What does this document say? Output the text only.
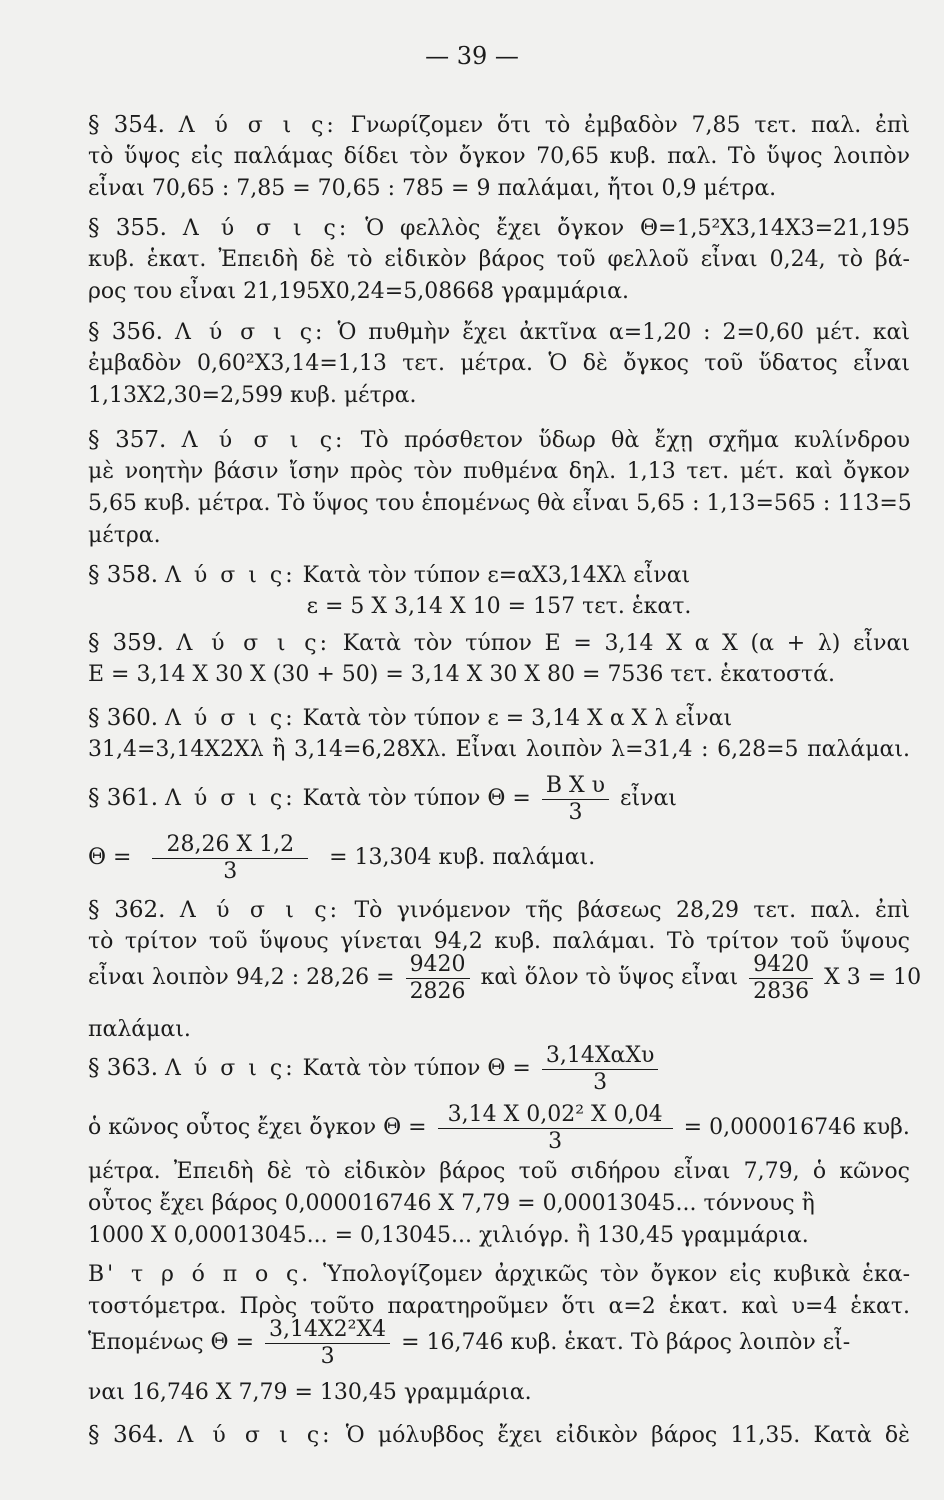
— 39 —
§ 354. Λ ύ σ ι ς: Γνωρίζομεν ὅτι τὸ ἐμβαδὸν 7,85 τετ. παλ. ἐπὶ
τὸ ὕψος εἰς παλάμας δίδει τὸν ὄγκον 70,65 κυβ. παλ. Τὸ ὕψος λοιπὸν
εἶναι 70,65 : 7,85 = 70,65 : 785 = 9 παλάμαι, ἤτοι 0,9 μέτρα.
§ 355. Λ ύ σ ι ς: Ὁ φελλὸς ἔχει ὄγκον Θ=1,5²X3,14X3=21,195
κυβ. ἑκατ. Ἐπειδὴ δὲ τὸ εἰδικὸν βάρος τοῦ φελλοῦ εἶναι 0,24, τὸ βά-
ρος του εἶναι 21,195X0,24=5,08668 γραμμάρια.
§ 356. Λ ύ σ ι ς: Ὁ πυθμὴν ἔχει ἀκτῖνα α=1,20 : 2=0,60 μέτ. καὶ
ἐμβαδὸν 0,60²X3,14=1,13 τετ. μέτρα. Ὁ δὲ ὄγκος τοῦ ὕδατος εἶναι
1,13X2,30=2,599 κυβ. μέτρα.
§ 357. Λ ύ σ ι ς: Τὸ πρόσθετον ὕδωρ θὰ ἔχῃ σχῆμα κυλίνδρου
μὲ νοητὴν βάσιν ἴσην πρὸς τὸν πυθμένα δηλ. 1,13 τετ. μέτ. καὶ ὄγκον
5,65 κυβ. μέτρα. Τὸ ὕψος του ἑπομένως θὰ εἶναι 5,65 : 1,13=565 : 113=5
μέτρα.
§ 358. Λ ύ σ ι ς: Κατὰ τὸν τύπον ε=αX3,14Xλ εἶναι
ε = 5 X 3,14 X 10 = 157 τετ. ἑκατ.
§ 359. Λ ύ σ ι ς: Κατὰ τὸν τύπον Ε = 3,14 X α X (α + λ) εἶναι
Ε = 3,14 X 30 X (30 + 50) = 3,14 X 30 X 80 = 7536 τετ. ἑκατοστά.
§ 360. Λ ύ σ ι ς: Κατὰ τὸν τύπον ε = 3,14 X α X λ εἶναι
31,4=3,14X2Xλ ἢ 3,14=6,28Xλ. Εἶναι λοιπὸν λ=31,4 : 6,28=5 παλάμαι.
§ 361. Λ ύ σ ι ς: Κατὰ τὸν τύπον $\Theta = \frac{\text{Β X υ}}{3}$ εἶναι
$\Theta = \frac{28,26 X 1,2}{3} = 13,304$ κυβ. παλάμαι.
§ 362. Λ ύ σ ι ς: Τὸ γινόμενον τῆς βάσεως 28,29 τετ. παλ. ἐπὶ
τὸ τρίτον τοῦ ὕψους γίνεται 94,2 κυβ. παλάμαι. Τὸ τρίτον τοῦ ὕψους
εἶναι λοιπὸν 94,2 : $28,26 = \frac{9420}{2826}$ καὶ ὅλον τὸ ὕψος εἶναι $\frac{9420}{2836}$ X 3 = 10
παλάμαι.
§ 363. Λ ύ σ ι ς: Κατὰ τὸν τύπον $\Theta = \frac{\text{3,14XαXυ}}{3}$
ὁ κῶνος οὗτος ἔχει ὄγκον $\Theta = \frac{\text{3,14 X 0,02² X 0,04}}{3} = 0,000016746$ κυβ.
μέτρα. Ἐπειδὴ δὲ τὸ εἰδικὸν βάρος τοῦ σιδήρου εἶναι 7,79, ὁ κῶνος
οὗτος ἔχει βάρος 0,000016746 X 7,79 = 0,00013045... τόννους ἢ
1000 X 0,00013045... = 0,13045... χιλιόγρ. ἢ 130,45 γραμμάρια.
Β' τ ρ ό π ο ς. Ὑπολογίζομεν ἀρχικῶς τὸν ὄγκον εἰς κυβικὰ ἑκα-
τοστόμετρα. Πρὸς τοῦτο παρατηροῦμεν ὅτι α=2 ἑκατ. καὶ υ=4 ἑκατ.
Ἑπομένως $\Theta = \frac{\text{3,14X2²X4}}{3} = 16,746$ κυβ. ἑκατ. Τὸ βάρος λοιπὸν εἶ-
ναι 16,746 X 7,79 = 130,45 γραμμάρια.
§ 364. Λ ύ σ ι ς: Ὁ μόλυβδος ἔχει εἰδικὸν βάρος 11,35. Κατὰ δὲ
